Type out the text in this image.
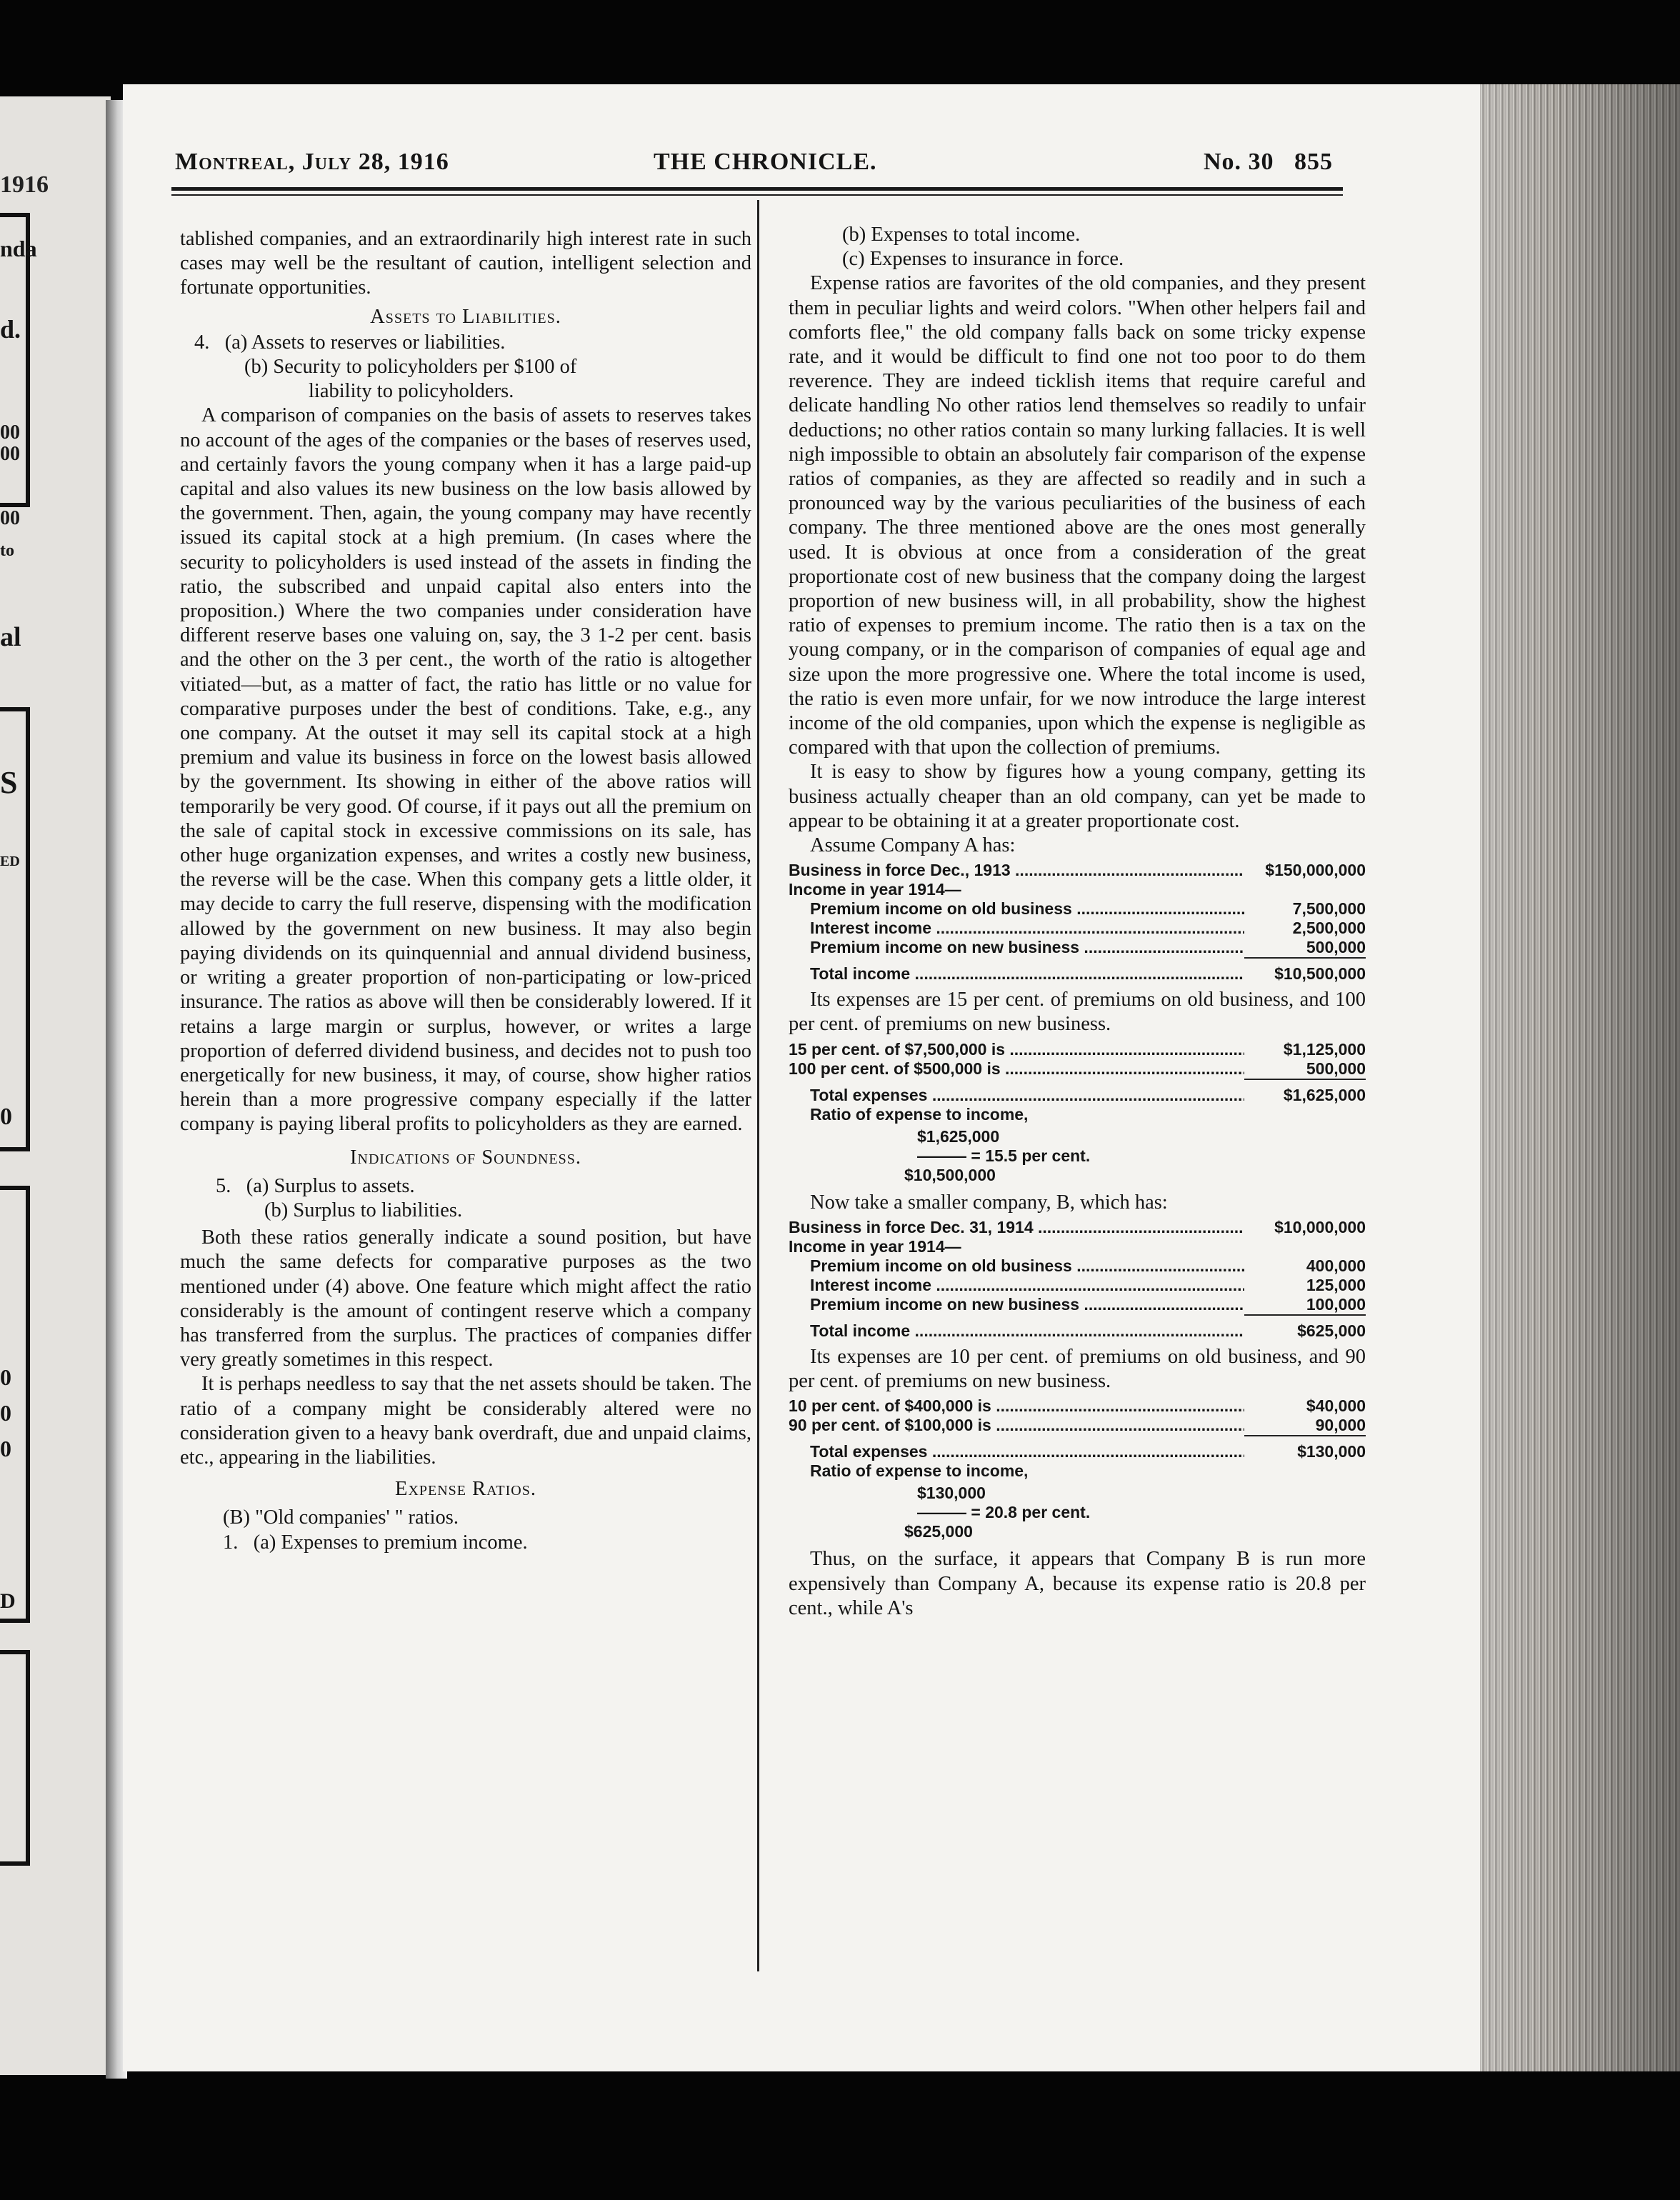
1916
nda
d.
00
00
00
to
al
S
ED
0
0
0
0
D
Montreal, July 28, 1916	THE CHRONICLE.	No. 30   855

tablished companies, and an extraordinarily high interest rate in such cases may well be the resultant of caution, intelligent selection and fortunate opportunities.

Assets to Liabilities.
4.   (a) Assets to reserves or liabilities.
(b) Security to policyholders per $100 of
liability to policyholders.

A comparison of companies on the basis of assets to reserves takes no account of the ages of the companies or the bases of reserves used, and certainly favors the young company when it has a large paid-up capital and also values its new business on the low basis allowed by the government. Then, again, the young company may have recently issued its capital stock at a high premium. (In cases where the security to policyholders is used instead of the assets in finding the ratio, the subscribed and unpaid capital also enters into the proposition.) Where the two companies under consideration have different reserve bases one valuing on, say, the 3 1-2 per cent. basis and the other on the 3 per cent., the worth of the ratio is altogether vitiated—but, as a matter of fact, the ratio has little or no value for comparative purposes under the best of conditions. Take, e.g., any one company. At the outset it may sell its capital stock at a high premium and value its business in force on the lowest basis allowed by the government. Its showing in either of the above ratios will temporarily be very good. Of course, if it pays out all the premium on the sale of capital stock in excessive commissions on its sale, has other huge organization expenses, and writes a costly new business, the reverse will be the case. When this company gets a little older, it may decide to carry the full reserve, dispensing with the modification allowed by the government on new business. It may also begin paying dividends on its quinquennial and annual dividend business, or writing a greater proportion of non-participating or low-priced insurance. The ratios as above will then be considerably lowered. If it retains a large margin or surplus, however, or writes a large proportion of deferred dividend business, and decides not to push too energetically for new business, it may, of course, show higher ratios herein than a more progressive company especially if the latter company is paying liberal profits to policyholders as they are earned.

Indications of Soundness.
5.   (a) Surplus to assets.
(b) Surplus to liabilities.

Both these ratios generally indicate a sound position, but have much the same defects for comparative purposes as the two mentioned under (4) above. One feature which might affect the ratio considerably is the amount of contingent reserve which a company has transferred from the surplus. The practices of companies differ very greatly sometimes in this respect.

It is perhaps needless to say that the net assets should be taken. The ratio of a company might be considerably altered were no consideration given to a heavy bank overdraft, due and unpaid claims, etc., appearing in the liabilities.

Expense Ratios.
(B) "Old companies' " ratios.
1.   (a) Expenses to premium income.
(b) Expenses to total income.
(c) Expenses to insurance in force.

Expense ratios are favorites of the old companies, and they present them in peculiar lights and weird colors. "When other helpers fail and comforts flee," the old company falls back on some tricky expense rate, and it would be difficult to find one not too poor to do them reverence. They are indeed ticklish items that require careful and delicate handling No other ratios lend themselves so readily to unfair deductions; no other ratios contain so many lurking fallacies. It is well nigh impossible to obtain an absolutely fair comparison of the expense ratios of companies, as they are affected so readily and in such a pronounced way by the various peculiarities of the business of each company. The three mentioned above are the ones most generally used. It is obvious at once from a consideration of the great proportionate cost of new business that the company doing the largest proportion of new business will, in all probability, show the highest ratio of expenses to premium income. The ratio then is a tax on the young company, or in the comparison of companies of equal age and size upon the more progressive one. Where the total income is used, the ratio is even more unfair, for we now introduce the large interest income of the old companies, upon which the expense is negligible as compared with that upon the collection of premiums.

It is easy to show by figures how a young company, getting its business actually cheaper than an old company, can yet be made to appear to be obtaining it at a greater proportionate cost.

Assume Company A has:

Business in force Dec., 1913 .....	$150,000,000
Income in year 1914—
Premium income on old business .....	7,500,000
Interest income .....	2,500,000
Premium income on new business .....	500,000
Total income .....	$10,500,000

Its expenses are 15 per cent. of premiums on old business, and 100 per cent. of premiums on new business.

15 per cent. of $7,500,000 is .....	$1,125,000
100 per cent. of $500,000 is .....	500,000
Total expenses .....	$1,625,000
Ratio of expense to income,
$1,625,000
——— = 15.5 per cent.
$10,500,000

Now take a smaller company, B, which has:

Business in force Dec. 31, 1914 .....	$10,000,000
Income in year 1914—
Premium income on old business .....	400,000
Interest income .....	125,000
Premium income on new business .....	100,000
Total income .....	$625,000

Its expenses are 10 per cent. of premiums on old business, and 90 per cent. of premiums on new business.

10 per cent. of $400,000 is .....	$40,000
90 per cent. of $100,000 is .....	90,000
Total expenses .....	$130,000
Ratio of expense to income,
$130,000
——— = 20.8 per cent.
$625,000

Thus, on the surface, it appears that Company B is run more expensively than Company A, because its expense ratio is 20.8 per cent., while A's
